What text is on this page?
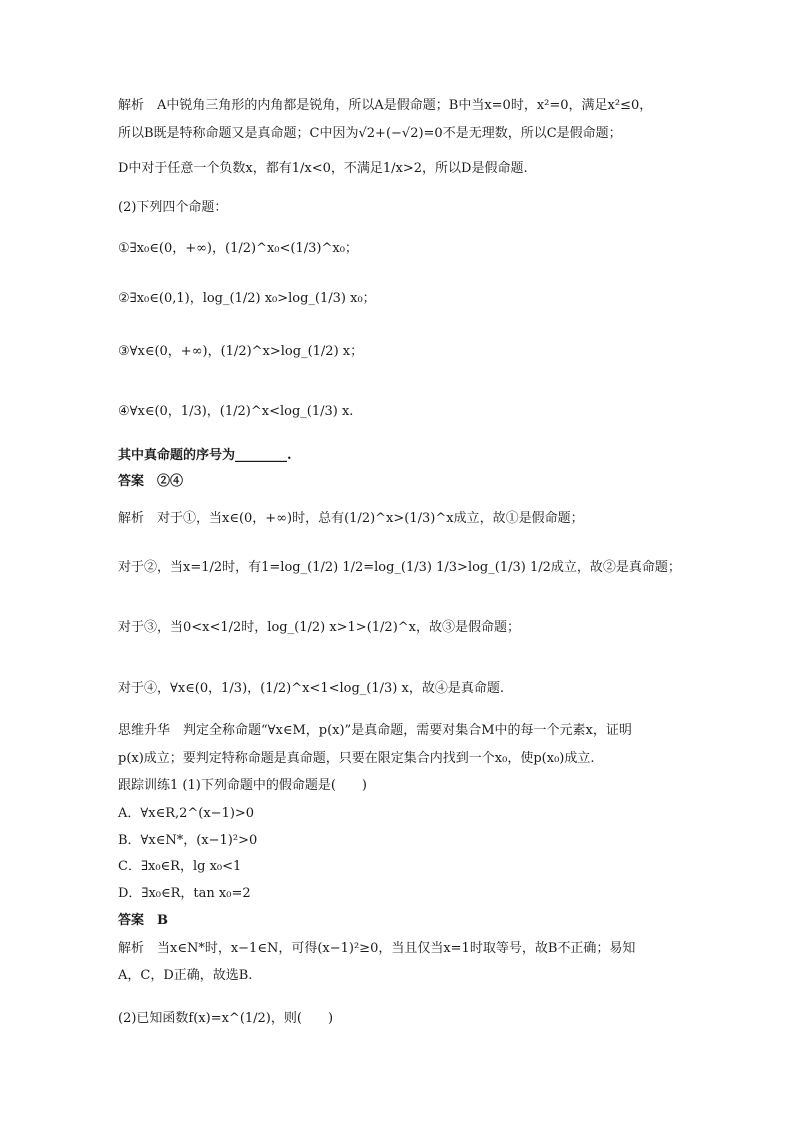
解析　A中锐角三角形的内角都是锐角，所以A是假命题；B中当x=0时，x²=0，满足x²≤0，
所以B既是特称命题又是真命题；C中因为√2+(−√2)=0不是无理数，所以C是假命题；
D中对于任意一个负数x，都有1/x<0，不满足1/x>2，所以D是假命题.
(2)下列四个命题：
①∃x₀∈(0，+∞)，(1/2)^x₀<(1/3)^x₀；
②∃x₀∈(0,1)，log_(1/2) x₀>log_(1/3) x₀；
③∀x∈(0，+∞)，(1/2)^x>log_(1/2) x；
④∀x∈(0，1/3)，(1/2)^x<log_(1/3) x.
其中真命题的序号为________.
答案　②④
解析　对于①，当x∈(0，+∞)时，总有(1/2)^x>(1/3)^x成立，故①是假命题；
对于②，当x=1/2时，有1=log_(1/2) 1/2=log_(1/3) 1/3>log_(1/3) 1/2成立，故②是真命题；
对于③，当0<x<1/2时，log_(1/2) x>1>(1/2)^x，故③是假命题；
对于④，∀x∈(0，1/3)，(1/2)^x<1<log_(1/3) x，故④是真命题.
思维升华　判定全称命题“∀x∈M，p(x)”是真命题，需要对集合M中的每一个元素x，证明
p(x)成立；要判定特称命题是真命题，只要在限定集合内找到一个x₀，使p(x₀)成立.
跟踪训练1 (1)下列命题中的假命题是(　　)
A．∀x∈R,2^(x−1)>0
B．∀x∈N*，(x−1)²>0
C．∃x₀∈R，lg x₀<1
D．∃x₀∈R，tan x₀=2
答案　B
解析　当x∈N*时，x−1∈N，可得(x−1)²≥0，当且仅当x=1时取等号，故B不正确；易知
A，C，D正确，故选B.
(2)已知函数f(x)=x^(1/2)，则(　　)
